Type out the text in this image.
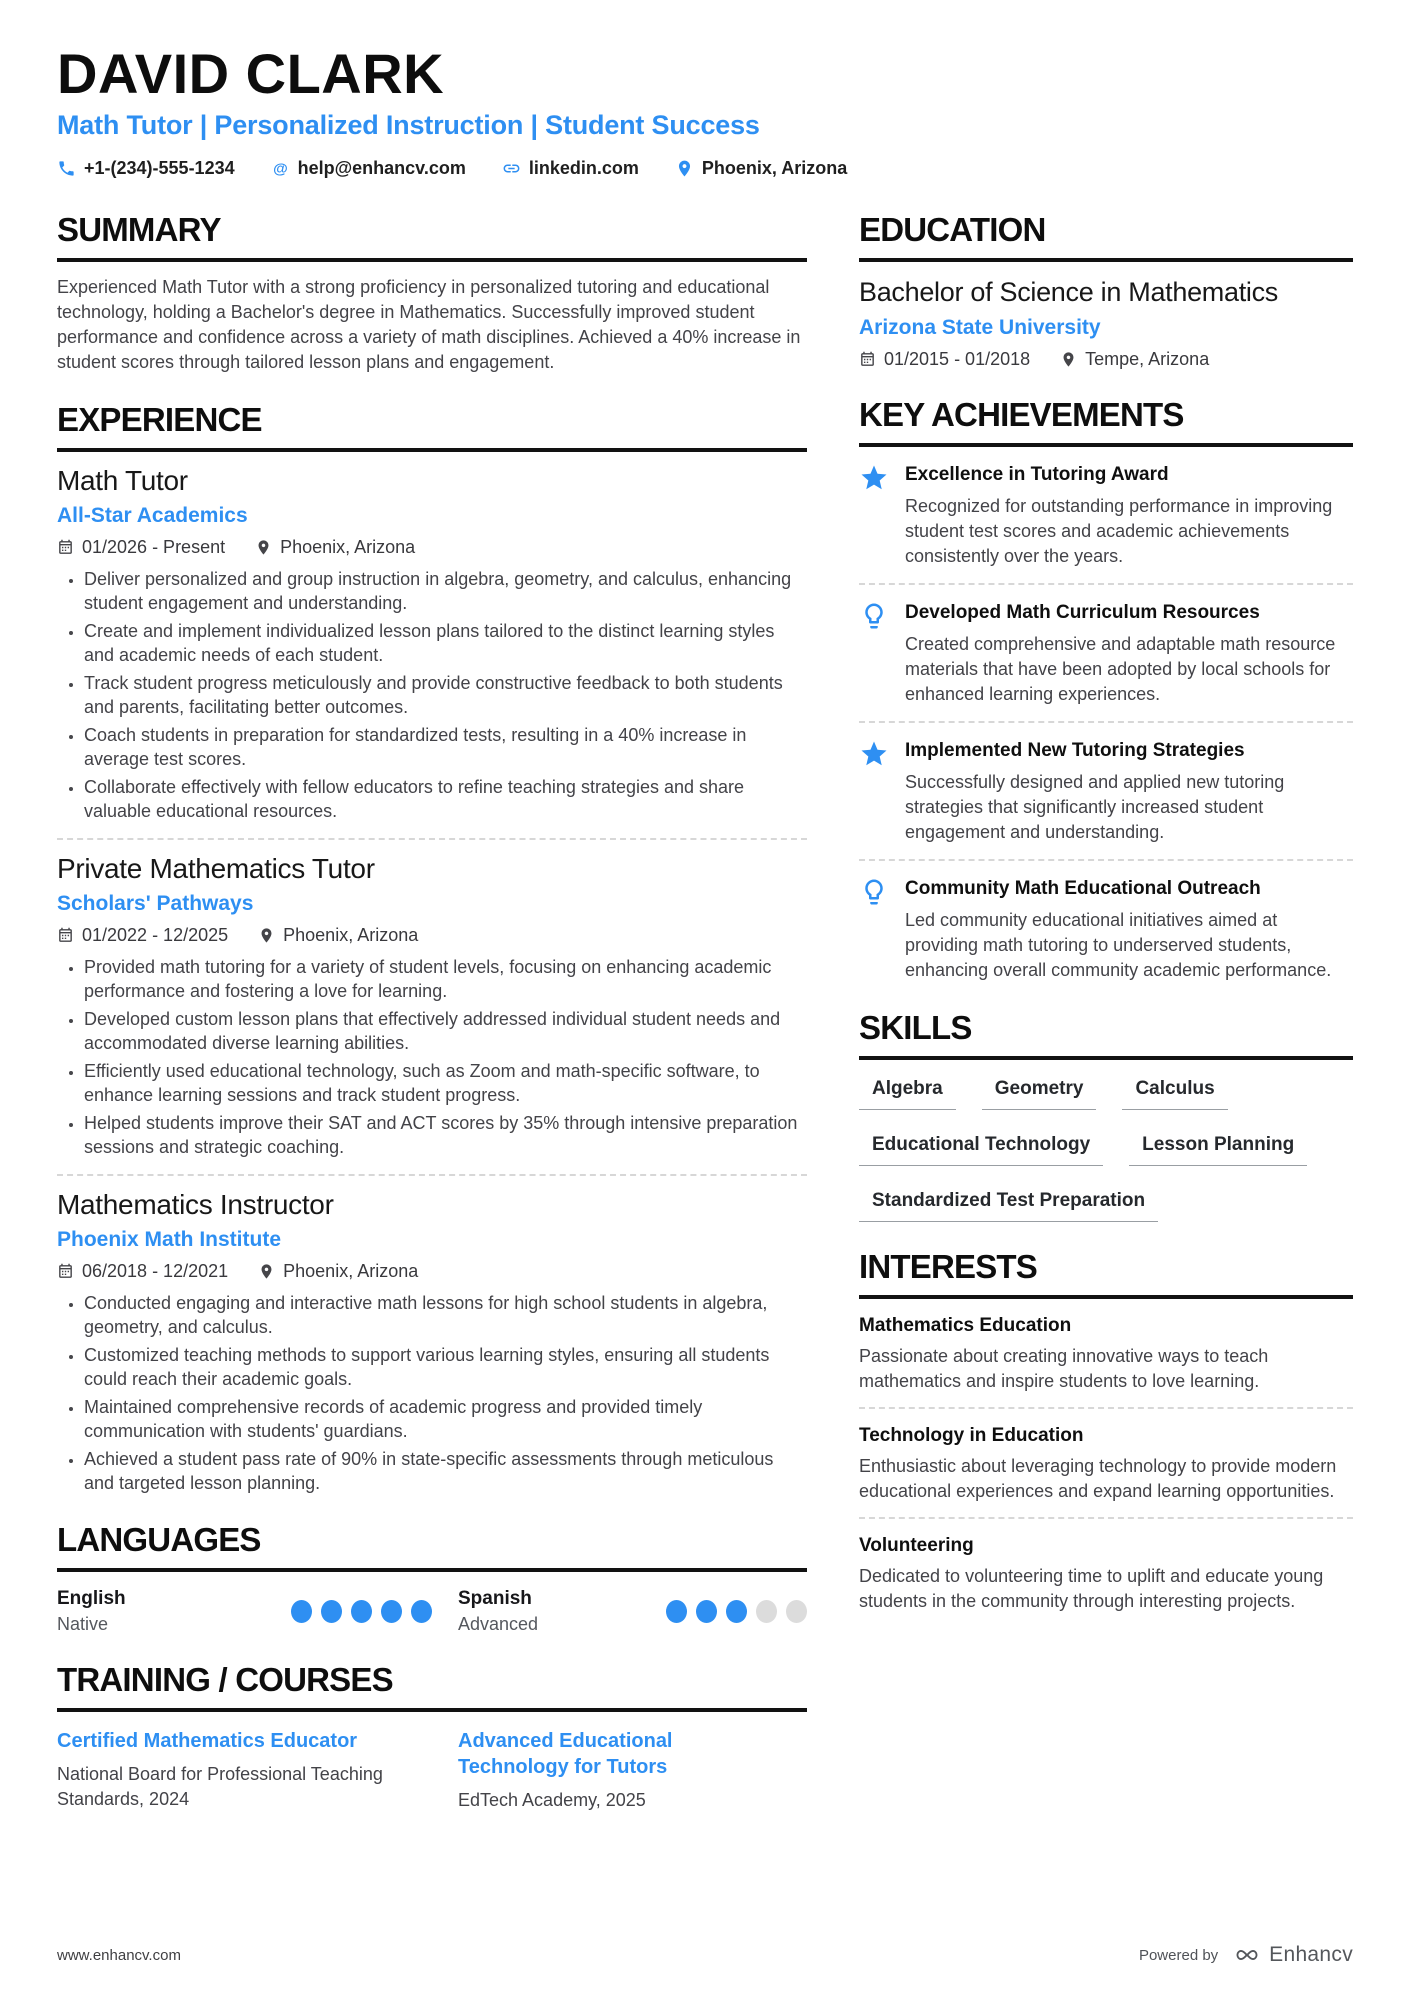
DAVID CLARK
Math Tutor | Personalized Instruction | Student Success
+1-(234)-555-1234	help@enhancv.com	linkedin.com	Phoenix, Arizona
SUMMARY

Experienced Math Tutor with a strong proficiency in personalized tutoring and educational technology, holding a Bachelor's degree in Mathematics. Successfully improved student performance and confidence across a variety of math disciplines. Achieved a 40% increase in student scores through tailored lesson plans and engagement.

EXPERIENCE
Math Tutor
All-Star Academics
01/2026 - Present	Phoenix, Arizona
• Deliver personalized and group instruction in algebra, geometry, and calculus, enhancing student engagement and understanding.
• Create and implement individualized lesson plans tailored to the distinct learning styles and academic needs of each student.
• Track student progress meticulously and provide constructive feedback to both students and parents, facilitating better outcomes.
• Coach students in preparation for standardized tests, resulting in a 40% increase in average test scores.
• Collaborate effectively with fellow educators to refine teaching strategies and share valuable educational resources.
Private Mathematics Tutor
Scholars' Pathways
01/2022 - 12/2025	Phoenix, Arizona
• Provided math tutoring for a variety of student levels, focusing on enhancing academic performance and fostering a love for learning.
• Developed custom lesson plans that effectively addressed individual student needs and accommodated diverse learning abilities.
• Efficiently used educational technology, such as Zoom and math-specific software, to enhance learning sessions and track student progress.
• Helped students improve their SAT and ACT scores by 35% through intensive preparation sessions and strategic coaching.
Mathematics Instructor
Phoenix Math Institute
06/2018 - 12/2021	Phoenix, Arizona
• Conducted engaging and interactive math lessons for high school students in algebra, geometry, and calculus.
• Customized teaching methods to support various learning styles, ensuring all students could reach their academic goals.
• Maintained comprehensive records of academic progress and provided timely communication with students' guardians.
• Achieved a student pass rate of 90% in state-specific assessments through meticulous and targeted lesson planning.
LANGUAGES
English
Native
Spanish
Advanced
TRAINING / COURSES
Certified Mathematics Educator
National Board for Professional Teaching Standards, 2024
Advanced Educational Technology for Tutors
EdTech Academy, 2025
EDUCATION
Bachelor of Science in Mathematics
Arizona State University
01/2015 - 01/2018	Tempe, Arizona
KEY ACHIEVEMENTS
Excellence in Tutoring Award
Recognized for outstanding performance in improving student test scores and academic achievements consistently over the years.
Developed Math Curriculum Resources
Created comprehensive and adaptable math resource materials that have been adopted by local schools for enhanced learning experiences.
Implemented New Tutoring Strategies
Successfully designed and applied new tutoring strategies that significantly increased student engagement and understanding.
Community Math Educational Outreach
Led community educational initiatives aimed at providing math tutoring to underserved students, enhancing overall community academic performance.
SKILLS
Algebra	Geometry	Calculus
Educational Technology	Lesson Planning
Standardized Test Preparation
INTERESTS
Mathematics Education
Passionate about creating innovative ways to teach mathematics and inspire students to love learning.
Technology in Education
Enthusiastic about leveraging technology to provide modern educational experiences and expand learning opportunities.
Volunteering
Dedicated to volunteering time to uplift and educate young students in the community through interesting projects.
www.enhancv.com	Powered by Enhancv
